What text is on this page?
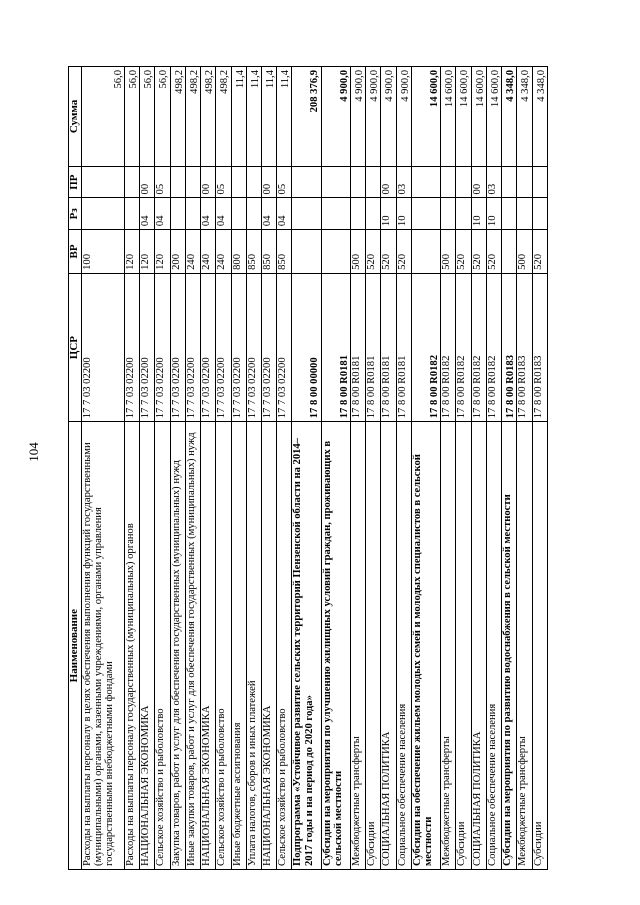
104
Наименование	ЦСР	ВР	Рз	ПР	Сумма
Расходы на выплаты персоналу в целях обеспечения выполнения функций государственными (муниципальными) органами, казенными учреждениями, органами управления государственными внебюджетными фондами	17 7 03 02200	100			56,0
Расходы на выплаты персоналу государственных (муниципальных) органов	17 7 03 02200	120			56,0
НАЦИОНАЛЬНАЯ ЭКОНОМИКА	17 7 03 02200	120	04	00	56,0
Сельское хозяйство и рыболовство	17 7 03 02200	120	04	05	56,0
Закупка товаров, работ и услуг для обеспечения государственных (муниципальных) нужд	17 7 03 02200	200			498,2
Иные закупки товаров, работ и услуг для обеспечения государственных (муниципальных) нужд	17 7 03 02200	240			498,2
НАЦИОНАЛЬНАЯ ЭКОНОМИКА	17 7 03 02200	240	04	00	498,2
Сельское хозяйство и рыболовство	17 7 03 02200	240	04	05	498,2
Иные бюджетные ассигнования	17 7 03 02200	800			11,4
Уплата налогов, сборов и иных платежей	17 7 03 02200	850			11,4
НАЦИОНАЛЬНАЯ ЭКОНОМИКА	17 7 03 02200	850	04	00	11,4
Сельское хозяйство и рыболовство	17 7 03 02200	850	04	05	11,4
Подпрограмма «Устойчивое развитие сельских территорий Пензенской области на 2014–2017 годы и на период до 2020 года»	17 8 00 00000				208 376,9
Субсидии на мероприятия по улучшению жилищных условий граждан, проживающих в сельской местности	17 8 00 R0181				4 900,0
Межбюджетные трансферты	17 8 00 R0181	500			4 900,0
Субсидии	17 8 00 R0181	520			4 900,0
СОЦИАЛЬНАЯ ПОЛИТИКА	17 8 00 R0181	520	10	00	4 900,0
Социальное обеспечение населения	17 8 00 R0181	520	10	03	4 900,0
Субсидии на обеспечение жильем молодых семей и молодых специалистов в сельской местности	17 8 00 R0182				14 600,0
Межбюджетные трансферты	17 8 00 R0182	500			14 600,0
Субсидии	17 8 00 R0182	520			14 600,0
СОЦИАЛЬНАЯ ПОЛИТИКА	17 8 00 R0182	520	10	00	14 600,0
Социальное обеспечение населения	17 8 00 R0182	520	10	03	14 600,0
Субсидии на мероприятия по развитию водоснабжения в сельской местности	17 8 00 R0183				4 348,0
Межбюджетные трансферты	17 8 00 R0183	500			4 348,0
Субсидии	17 8 00 R0183	520			4 348,0
